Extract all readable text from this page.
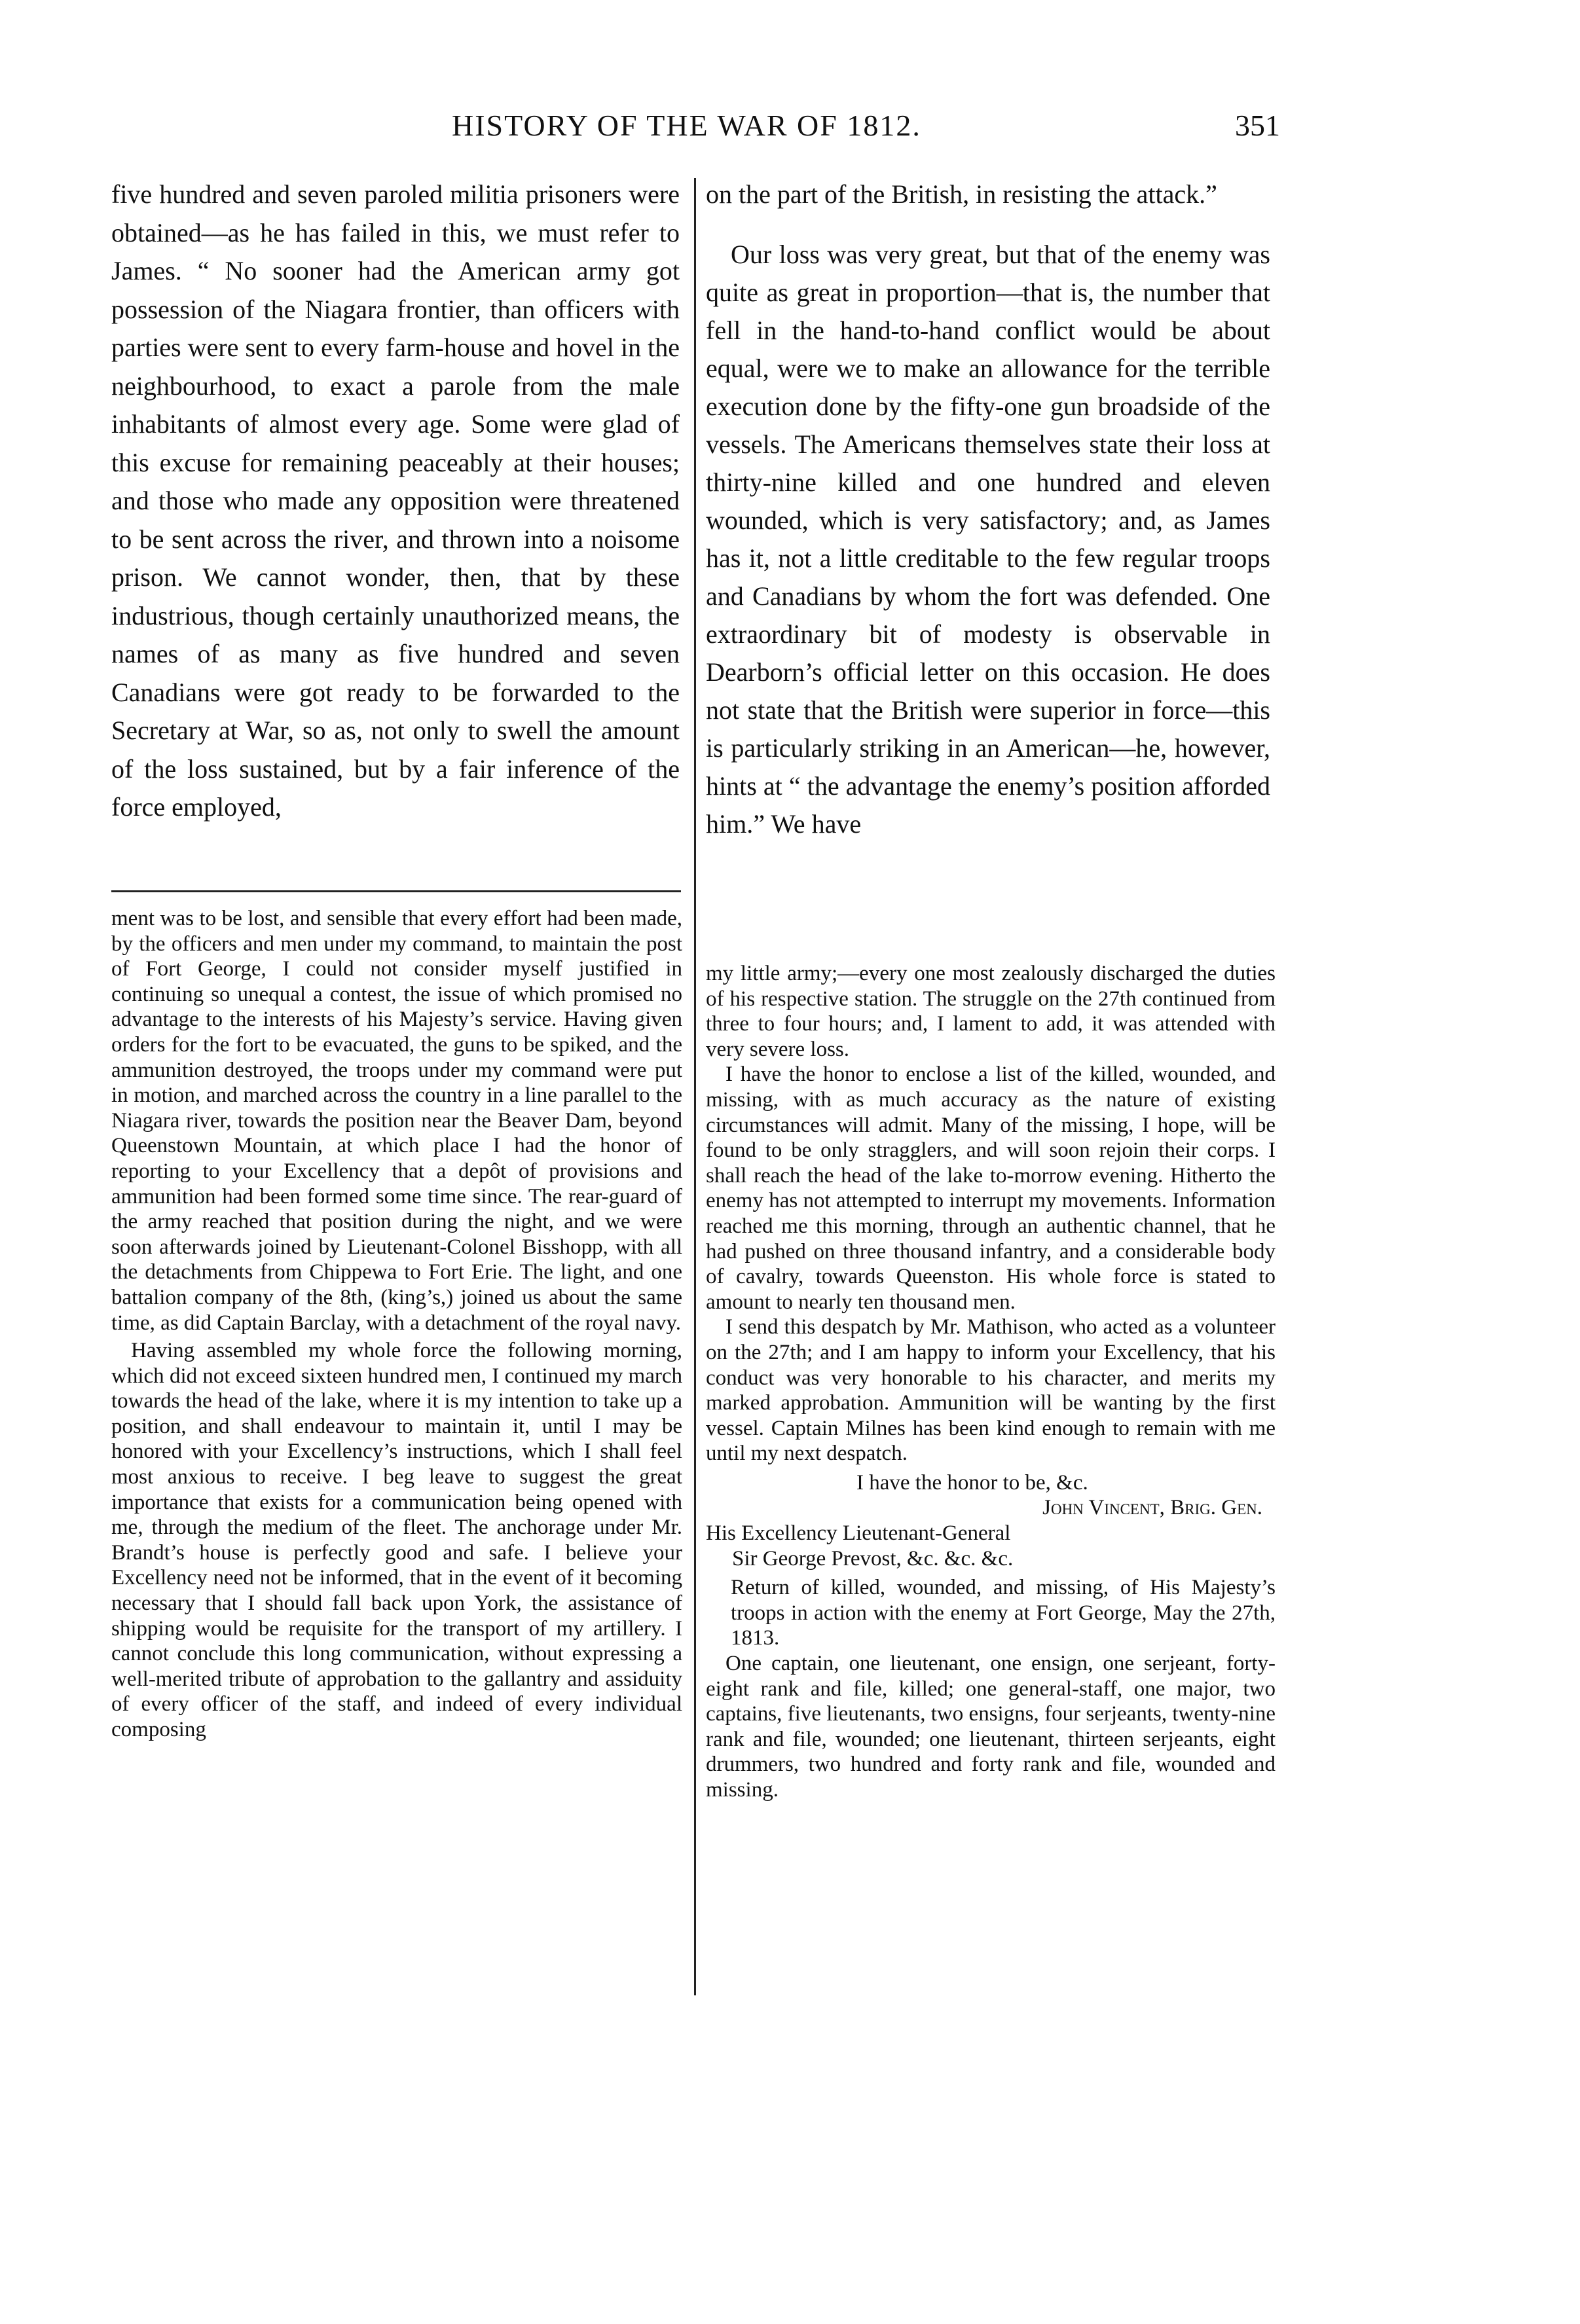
HISTORY OF THE WAR OF 1812.	351

five hundred and seven paroled militia prisoners were obtained—as he has failed in this, we must refer to James. “ No sooner had the American army got possession of the Niagara frontier, than officers with parties were sent to every farm-house and hovel in the neighbourhood, to exact a parole from the male inhabitants of almost every age. Some were glad of this excuse for remaining peaceably at their houses; and those who made any opposition were threatened to be sent across the river, and thrown into a noisome prison. We cannot wonder, then, that by these industrious, though certainly unauthorized means, the names of as many as five hundred and seven Canadians were got ready to be forwarded to the Secretary at War, so as, not only to swell the amount of the loss sustained, but by a fair inference of the force employed,

on the part of the British, in resisting the attack.”

Our loss was very great, but that of the enemy was quite as great in proportion—that is, the number that fell in the hand-to-hand conflict would be about equal, were we to make an allowance for the terrible execution done by the fifty-one gun broadside of the vessels. The Americans themselves state their loss at thirty-nine killed and one hundred and eleven wounded, which is very satisfactory; and, as James has it, not a little creditable to the few regular troops and Canadians by whom the fort was defended. One extraordinary bit of modesty is observable in Dearborn’s official letter on this occasion. He does not state that the British were superior in force—this is particularly striking in an American—he, however, hints at “ the advantage the enemy’s position afforded him.” We have

ment was to be lost, and sensible that every effort had been made, by the officers and men under my command, to maintain the post of Fort George, I could not consider myself justified in continuing so unequal a contest, the issue of which promised no advantage to the interests of his Majesty’s service. Having given orders for the fort to be evacuated, the guns to be spiked, and the ammunition destroyed, the troops under my command were put in motion, and marched across the country in a line parallel to the Niagara river, towards the position near the Beaver Dam, beyond Queenstown Mountain, at which place I had the honor of reporting to your Excellency that a depôt of provisions and ammunition had been formed some time since. The rear-guard of the army reached that position during the night, and we were soon afterwards joined by Lieutenant-Colonel Bisshopp, with all the detachments from Chippewa to Fort Erie. The light, and one battalion company of the 8th, (king’s,) joined us about the same time, as did Captain Barclay, with a detachment of the royal navy.

Having assembled my whole force the following morning, which did not exceed sixteen hundred men, I continued my march towards the head of the lake, where it is my intention to take up a position, and shall endeavour to maintain it, until I may be honored with your Excellency’s instructions, which I shall feel most anxious to receive. I beg leave to suggest the great importance that exists for a communication being opened with me, through the medium of the fleet. The anchorage under Mr. Brandt’s house is perfectly good and safe. I believe your Excellency need not be informed, that in the event of it becoming necessary that I should fall back upon York, the assistance of shipping would be requisite for the transport of my artillery. I cannot conclude this long communication, without expressing a well-merited tribute of approbation to the gallantry and assiduity of every officer of the staff, and indeed of every individual composing

my little army;—every one most zealously discharged the duties of his respective station. The struggle on the 27th continued from three to four hours; and, I lament to add, it was attended with very severe loss.

I have the honor to enclose a list of the killed, wounded, and missing, with as much accuracy as the nature of existing circumstances will admit. Many of the missing, I hope, will be found to be only stragglers, and will soon rejoin their corps. I shall reach the head of the lake to-morrow evening. Hitherto the enemy has not attempted to interrupt my movements. Information reached me this morning, through an authentic channel, that he had pushed on three thousand infantry, and a considerable body of cavalry, towards Queenston. His whole force is stated to amount to nearly ten thousand men.

I send this despatch by Mr. Mathison, who acted as a volunteer on the 27th; and I am happy to inform your Excellency, that his conduct was very honorable to his character, and merits my marked approbation. Ammunition will be wanting by the first vessel. Captain Milnes has been kind enough to remain with me until my next despatch.

I have the honor to be, &c.

John Vincent, Brig. Gen.

His Excellency Lieutenant-General

Sir George Prevost, &c. &c. &c.

Return of killed, wounded, and missing, of His Majesty’s troops in action with the enemy at Fort George, May the 27th, 1813.

One captain, one lieutenant, one ensign, one serjeant, forty-eight rank and file, killed; one general-staff, one major, two captains, five lieutenants, two ensigns, four serjeants, twenty-nine rank and file, wounded; one lieutenant, thirteen serjeants, eight drummers, two hundred and forty rank and file, wounded and missing.
